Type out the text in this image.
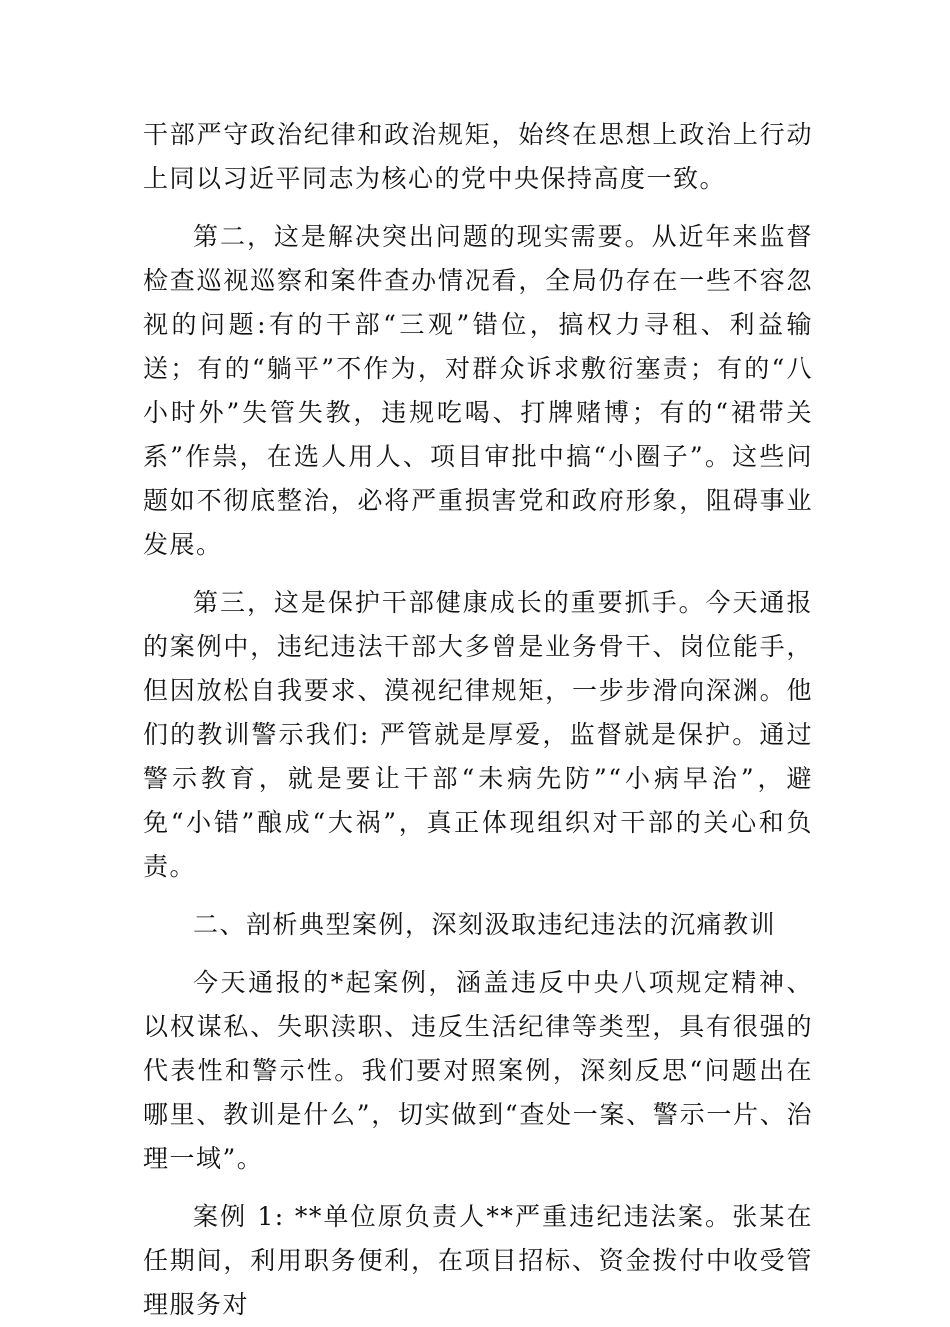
干部严守政治纪律和政治规矩，始终在思想上政治上行动上同以习近平同志为核心的党中央保持高度一致。

第二，这是解决突出问题的现实需要。从近年来监督检查巡视巡察和案件查办情况看，全局仍存在一些不容忽视的问题:有的干部“三观”错位，搞权力寻租、利益输送；有的“躺平”不作为，对群众诉求敷衍塞责；有的“八小时外”失管失教，违规吃喝、打牌赌博；有的“裙带关系”作祟，在选人用人、项目审批中搞“小圈子”。这些问题如不彻底整治，必将严重损害党和政府形象，阻碍事业发展。

第三，这是保护干部健康成长的重要抓手。今天通报的案例中，违纪违法干部大多曾是业务骨干、岗位能手，但因放松自我要求、漠视纪律规矩，一步步滑向深渊。他们的教训警示我们: 严管就是厚爱，监督就是保护。通过警示教育，就是要让干部“未病先防”“小病早治”，避免“小错”酿成“大祸”，真正体现组织对干部的关心和负责。

二、剖析典型案例，深刻汲取违纪违法的沉痛教训

今天通报的*起案例，涵盖违反中央八项规定精神、以权谋私、失职渎职、违反生活纪律等类型，具有很强的代表性和警示性。我们要对照案例，深刻反思“问题出在哪里、教训是什么”，切实做到“查处一案、警示一片、治理一域”。

案例 1: **单位原负责人**严重违纪违法案。张某在任期间，利用职务便利，在项目招标、资金拨付中收受管理服务对
